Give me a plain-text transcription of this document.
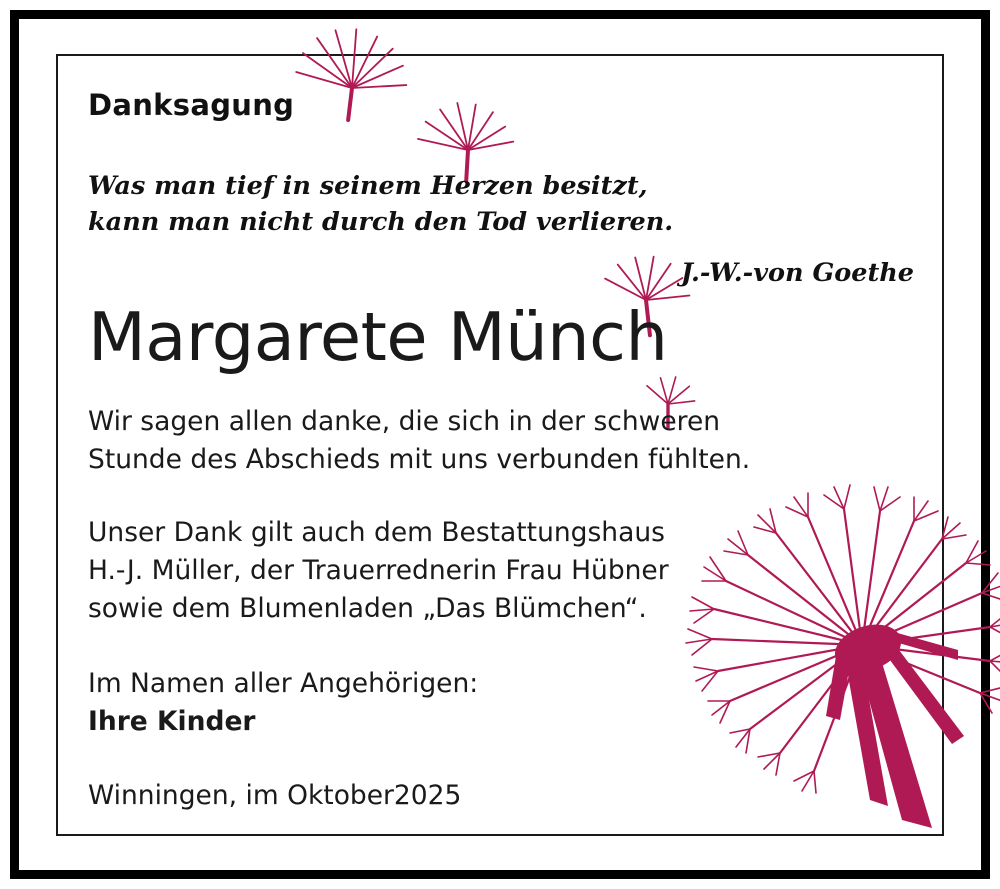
Danksagung
Was man tief in seinem Herzen besitzt,
kann man nicht durch den Tod verlieren.
J.-W.-von Goethe
Margarete Münch
Wir sagen allen danke, die sich in der schweren
Stunde des Abschieds mit uns verbunden fühlten.
Unser Dank gilt auch dem Bestattungshaus
H.-J. Müller, der Trauerrednerin Frau Hübner
sowie dem Blumenladen „Das Blümchen“.
Im Namen aller Angehörigen:
Ihre Kinder
Winningen, im Oktober2025
